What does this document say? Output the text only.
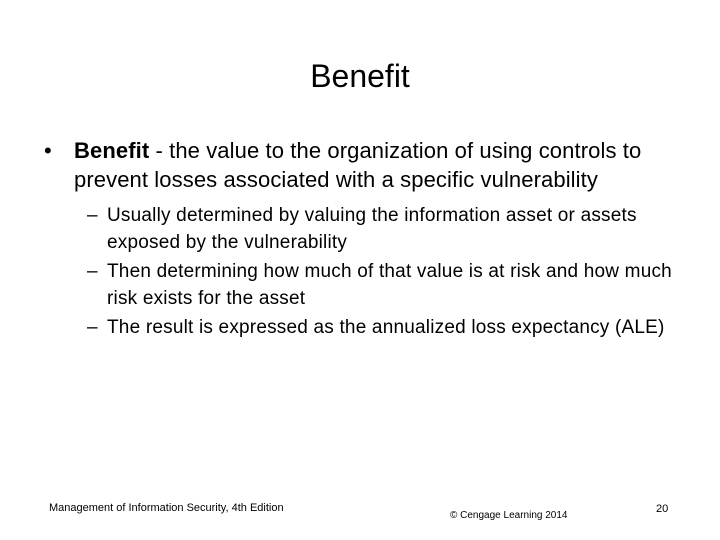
Benefit
• Benefit - the value to the organization of using controls to prevent losses associated with a specific vulnerability
– Usually determined by valuing the information asset or assets exposed by the vulnerability
– Then determining how much of that value is at risk and how much risk exists for the asset
– The result is expressed as the annualized loss expectancy (ALE)
Management of Information Security, 4th Edition
© Cengage Learning 2014
20
